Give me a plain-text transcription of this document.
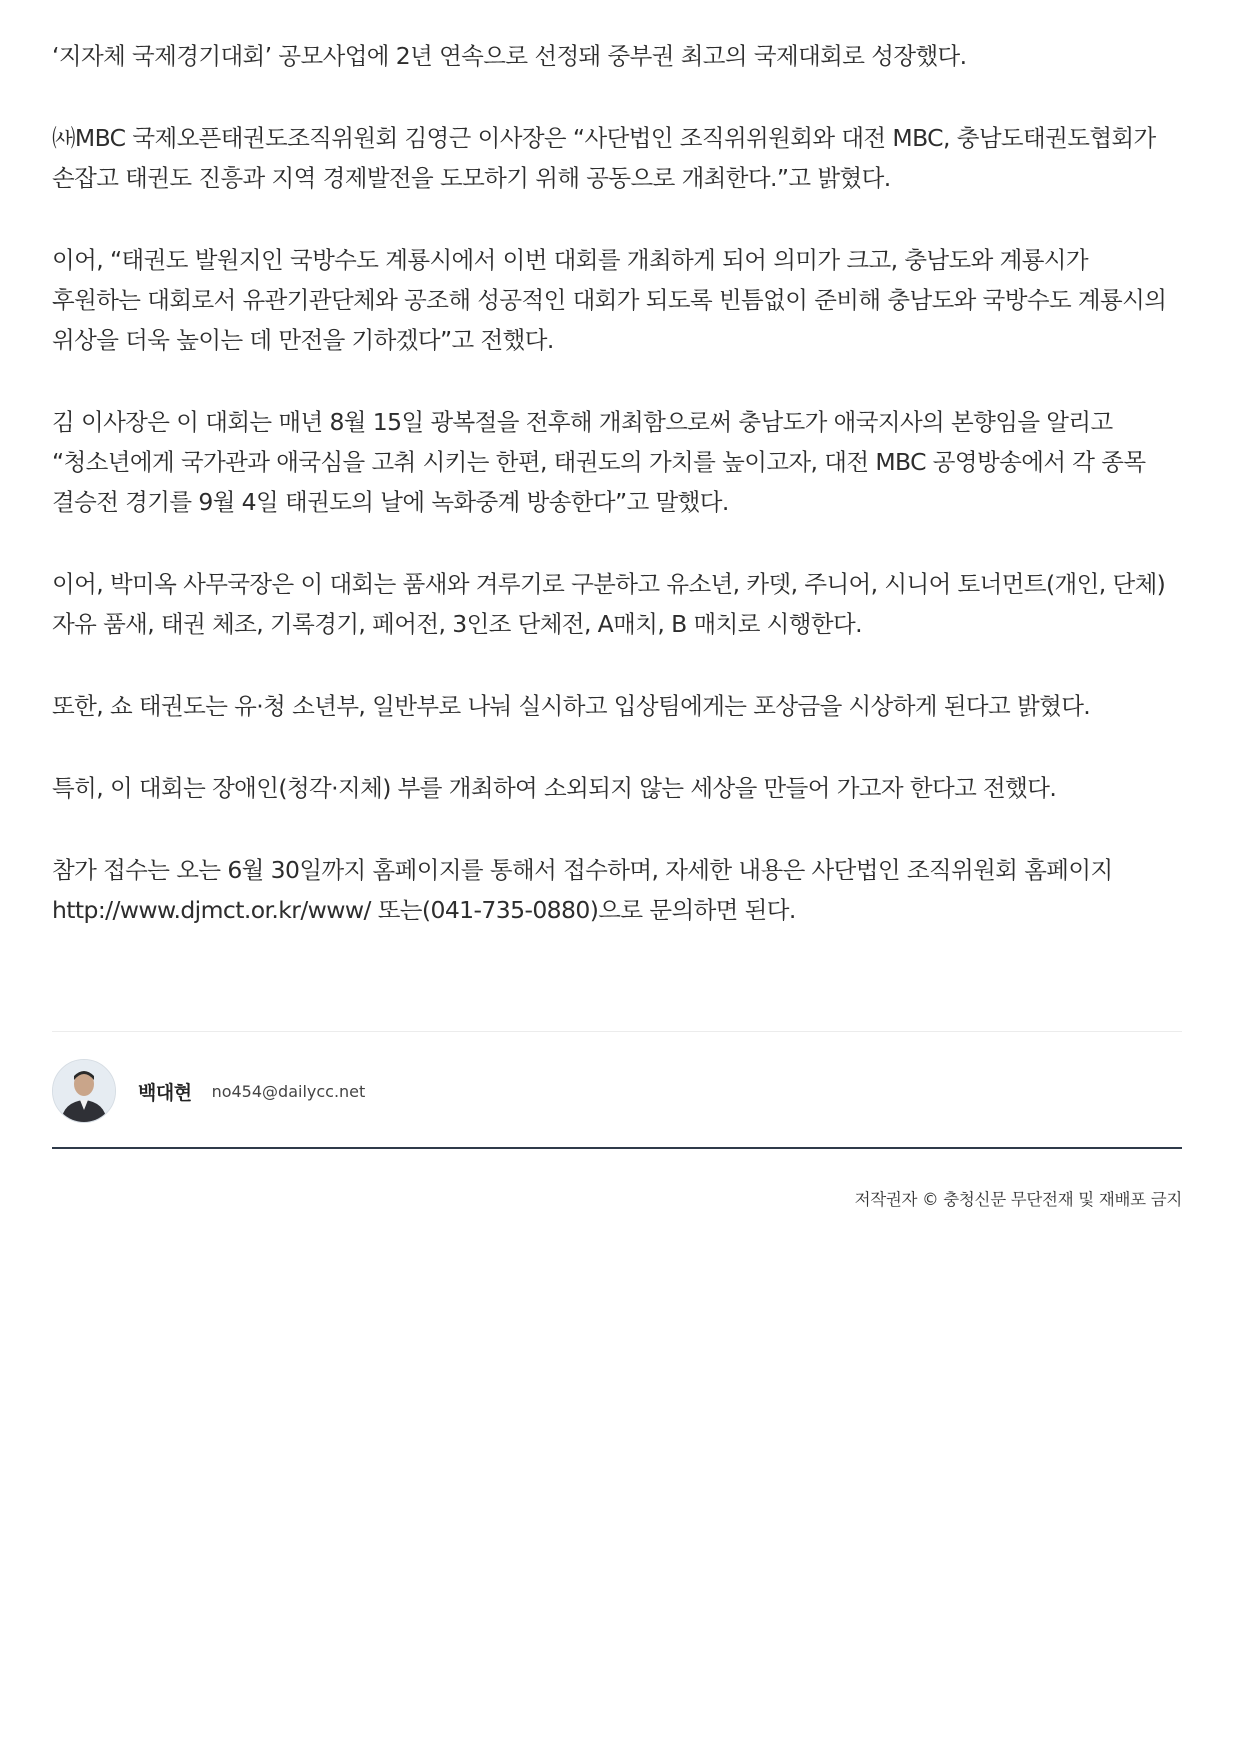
‘지자체 국제경기대회’ 공모사업에 2년 연속으로 선정돼 중부권 최고의 국제대회로 성장했다.

㈔MBC 국제오픈태권도조직위원회 김영근 이사장은 “사단법인 조직위위원회와 대전 MBC, 충남도태권도협회가 손잡고 태권도 진흥과 지역 경제발전을 도모하기 위해 공동으로 개최한다.”고 밝혔다.

이어, “태권도 발원지인 국방수도 계룡시에서 이번 대회를 개최하게 되어 의미가 크고, 충남도와 계룡시가 후원하는 대회로서 유관기관단체와 공조해 성공적인 대회가 되도록 빈틈없이 준비해 충남도와 국방수도 계룡시의 위상을 더욱 높이는 데 만전을 기하겠다”고 전했다.

김 이사장은 이 대회는 매년 8월 15일 광복절을 전후해 개최함으로써 충남도가 애국지사의 본향임을 알리고 “청소년에게 국가관과 애국심을 고취 시키는 한편, 태권도의 가치를 높이고자, 대전 MBC 공영방송에서 각 종목 결승전 경기를 9월 4일 태권도의 날에 녹화중계 방송한다”고 말했다.

이어, 박미옥 사무국장은 이 대회는 품새와 겨루기로 구분하고 유소년, 카뎃, 주니어, 시니어 토너먼트(개인, 단체) 자유 품새, 태권 체조, 기록경기, 페어전, 3인조 단체전, A매치, B 매치로 시행한다.

또한, 쇼 태권도는 유·청 소년부, 일반부로 나눠 실시하고 입상팀에게는 포상금을 시상하게 된다고 밝혔다.

특히, 이 대회는 장애인(청각·지체) 부를 개최하여 소외되지 않는 세상을 만들어 가고자 한다고 전했다.

참가 접수는 오는 6월 30일까지 홈페이지를 통해서 접수하며, 자세한 내용은 사단법인 조직위원회 홈페이지 http://www.djmct.or.kr/www/ 또는(041-735-0880)으로 문의하면 된다.

백대현 no454@dailycc.net
저작권자 © 충청신문 무단전재 및 재배포 금지
